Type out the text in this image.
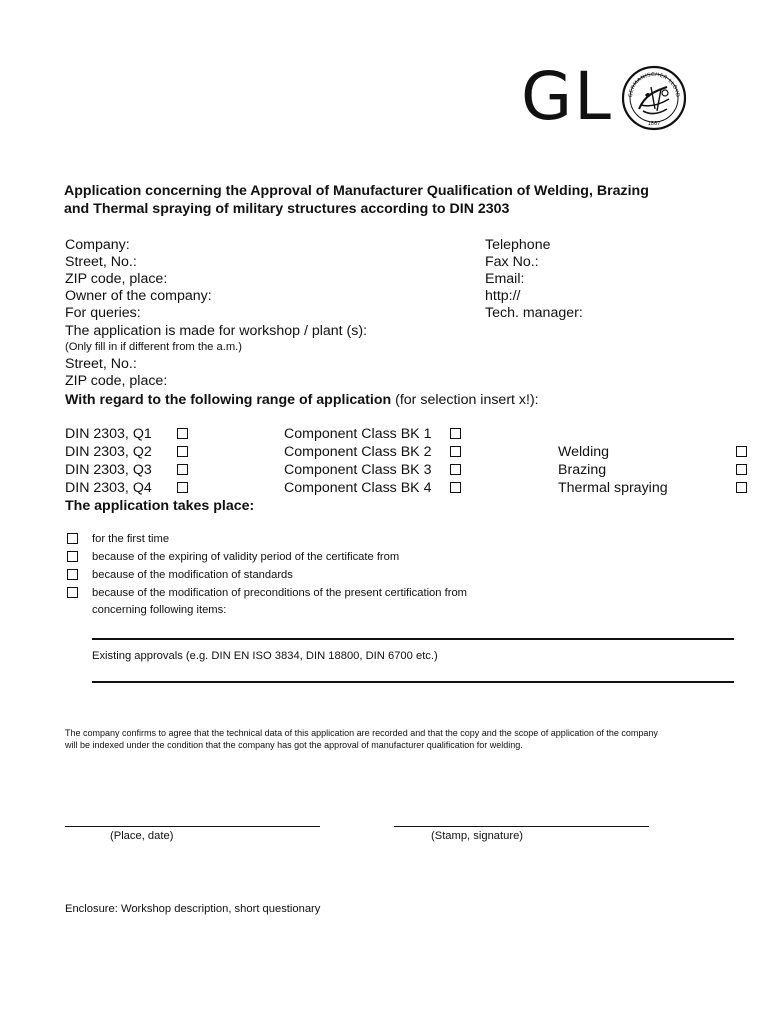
GL	GERMANISCHER LLOYD
1867
Application concerning the Approval of Manufacturer Qualification of Welding, Brazing
and Thermal spraying of military structures according to DIN 2303
Company:
Street, No.:
ZIP code, place:
Owner of the company:
For queries:
The application is made for workshop / plant (s):
(Only fill in if different from the a.m.)
Street, No.:
ZIP code, place:
Telephone
Fax No.:
Email:
http://
Tech. manager:
With regard to the following range of application (for selection insert x!):
DIN 2303, Q1
DIN 2303, Q2
DIN 2303, Q3
DIN 2303, Q4
Component Class BK 1
Component Class BK 2
Component Class BK 3
Component Class BK 4
Welding
Brazing
Thermal spraying
The application takes place:
for the first time
because of the expiring of validity period of the certificate from
because of the modification of standards
because of the modification of preconditions of the present certification from
concerning following items:
Existing approvals (e.g. DIN EN ISO 3834, DIN 18800, DIN 6700 etc.)
The company confirms to agree that the technical data of this application are recorded and that the copy and the scope of application of the company
will be indexed under the condition that the company has got the approval of manufacturer qualification for welding.
(Place, date)	(Stamp, signature)
Enclosure: Workshop description, short questionary
